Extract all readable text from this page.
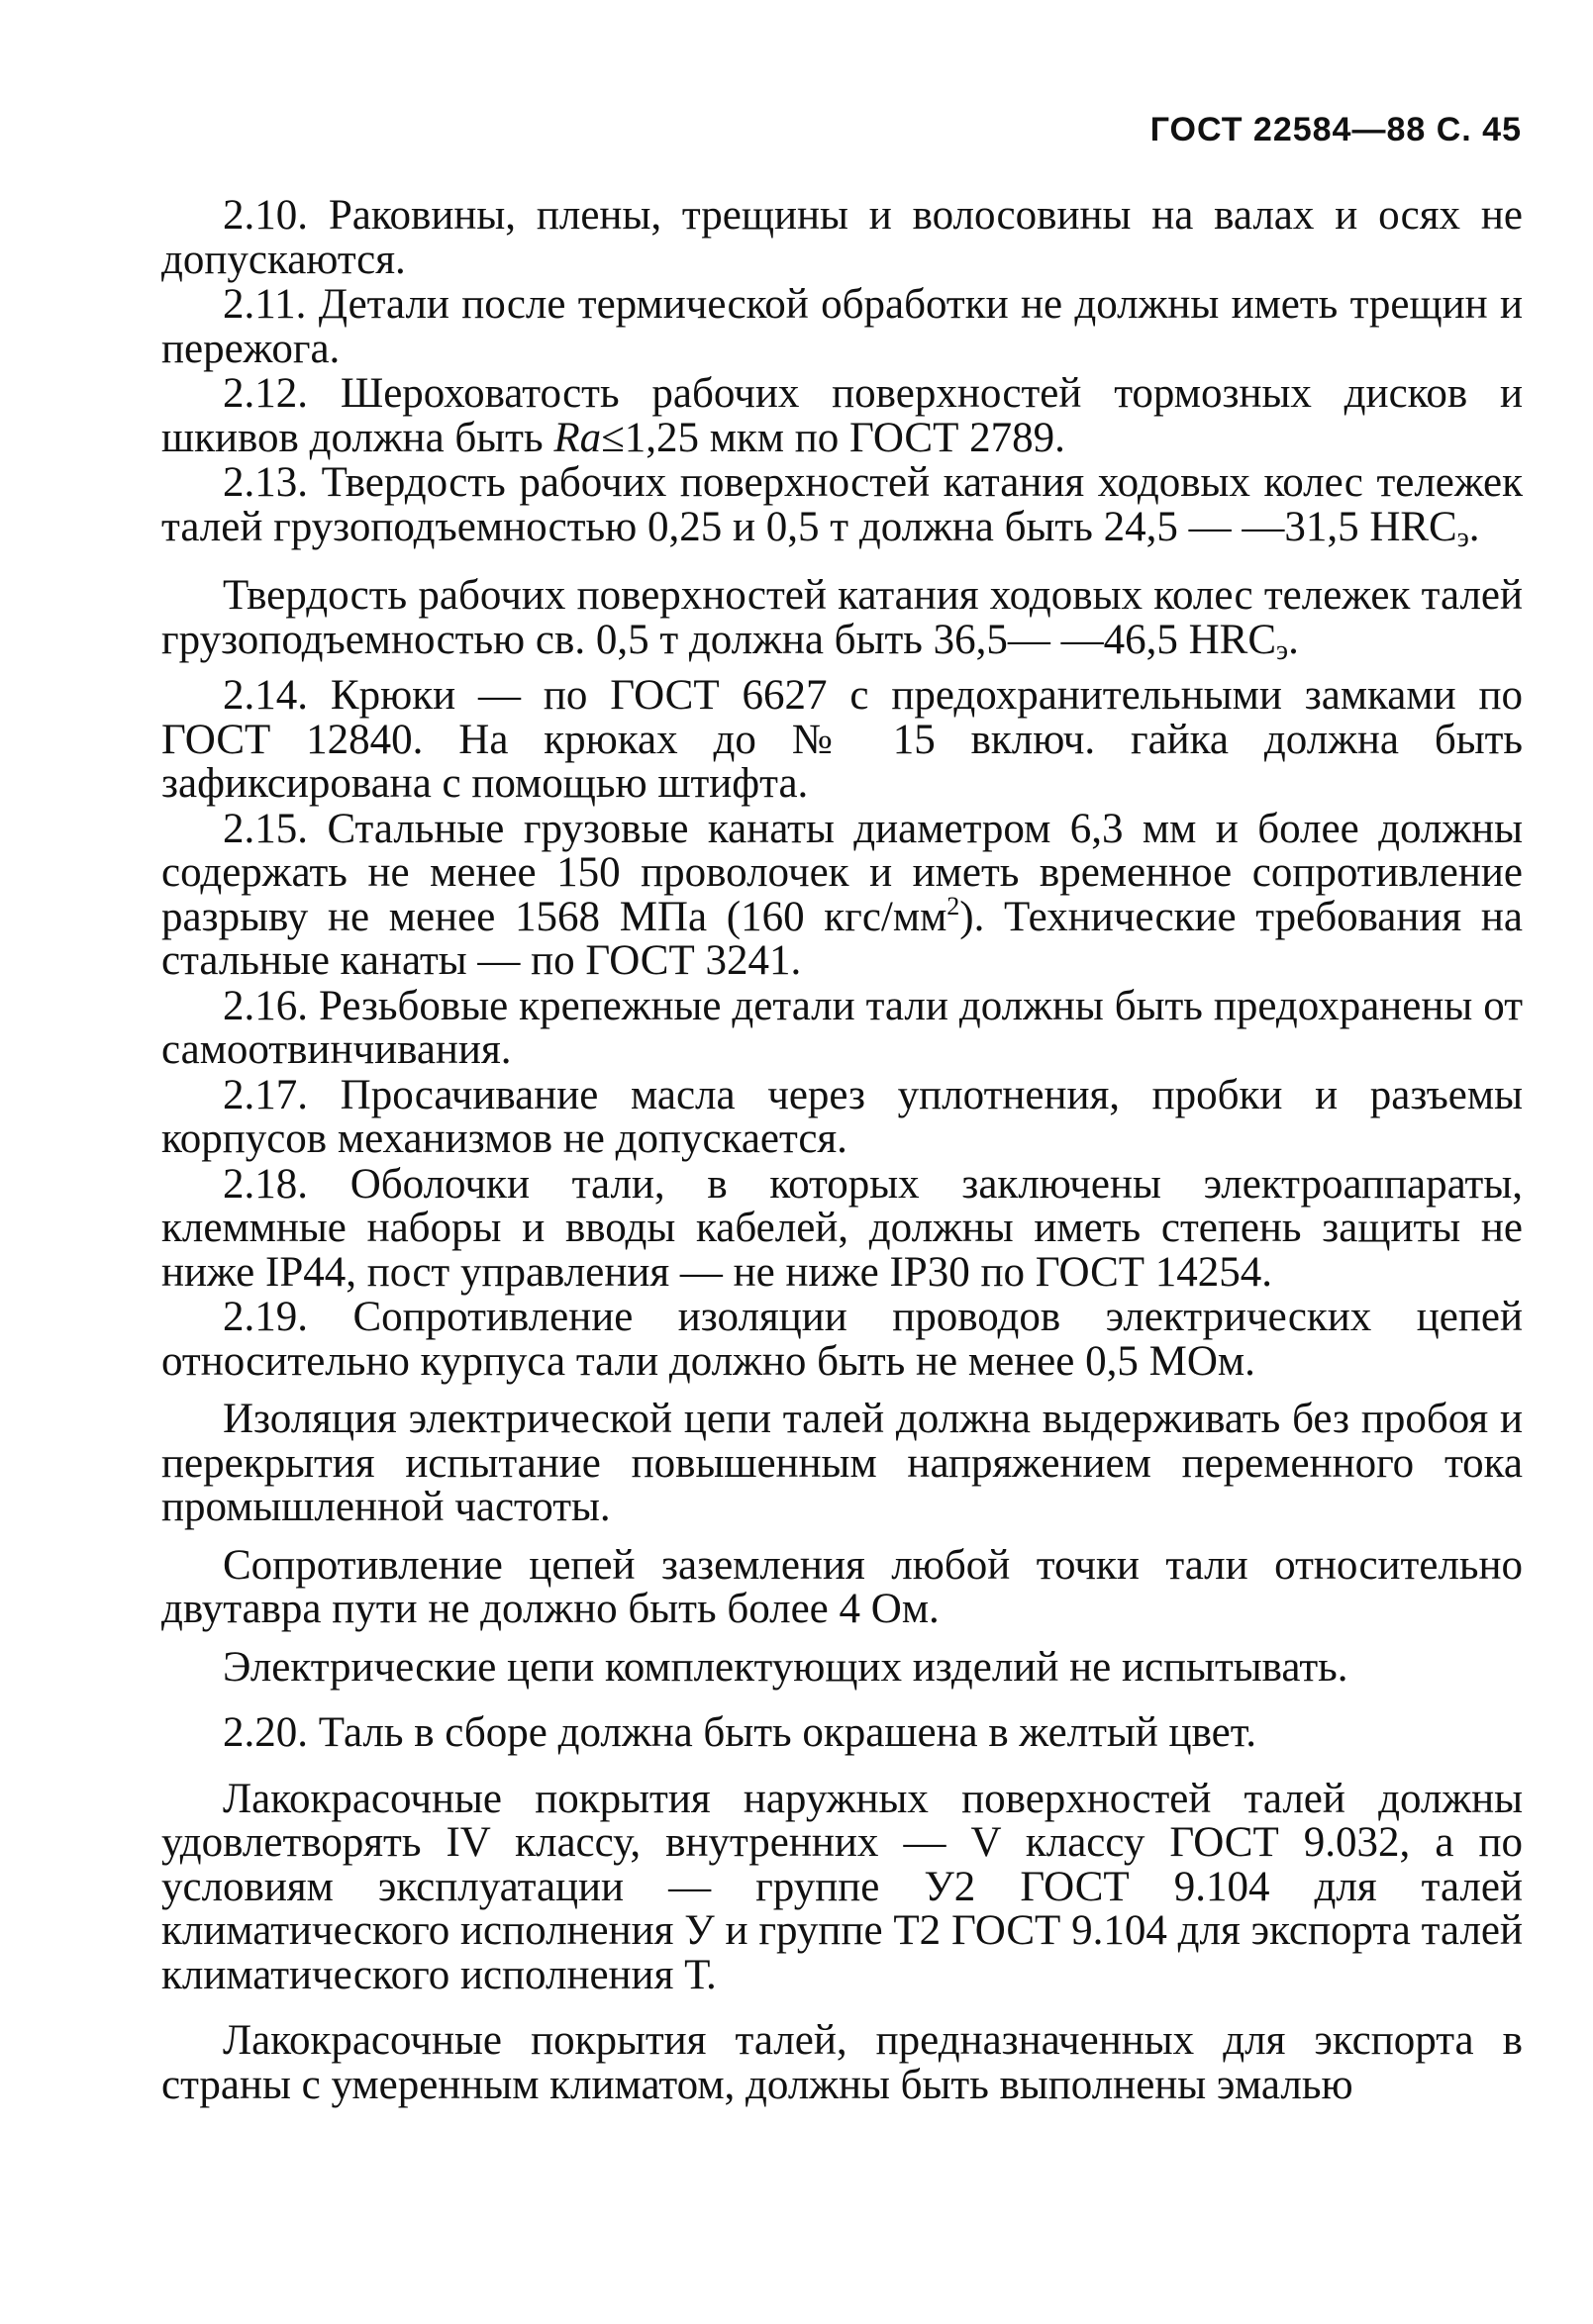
ГОСТ 22584—88 С. 45

2.10. Раковины, плены, трещины и волосовины на валах и осях не допускаются.

2.11. Детали после термической обработки не должны иметь трещин и пережога.

2.12. Шероховатость рабочих поверхностей тормозных дисков и шкивов должна быть Ra≤1,25 мкм по ГОСТ 2789.

2.13. Твердость рабочих поверхностей катания ходовых колес тележек талей грузоподъемностью 0,25 и 0,5 т должна быть 24,5 — —31,5 $HRC_э$.

Твердость рабочих поверхностей катания ходовых колес тележек талей грузоподъемностью св. 0,5 т должна быть 36,5— —46,5 $HRC_э$.

2.14. Крюки — по ГОСТ 6627 с предохранительными замками по ГОСТ 12840. На крюках до № 15 включ. гайка должна быть зафиксирована с помощью штифта.

2.15. Стальные грузовые канаты диаметром 6,3 мм и более должны содержать не менее 150 проволочек и иметь временное сопротивление разрыву не менее 1568 МПа (160 кгс/$мм^2$). Технические требования на стальные канаты — по ГОСТ 3241.

2.16. Резьбовые крепежные детали тали должны быть предохранены от самоотвинчивания.

2.17. Просачивание масла через уплотнения, пробки и разъемы корпусов механизмов не допускается.

2.18. Оболочки тали, в которых заключены электроаппараты, клеммные наборы и вводы кабелей, должны иметь степень защиты не ниже IP44, пост управления — не ниже IP30 по ГОСТ 14254.

2.19. Сопротивление изоляции проводов электрических цепей относительно курпуса тали должно быть не менее 0,5 МОм.

Изоляция электрической цепи талей должна выдерживать без пробоя и перекрытия испытание повышенным напряжением переменного тока промышленной частоты.

Сопротивление цепей заземления любой точки тали относительно двутавра пути не должно быть более 4 Ом.

Электрические цепи комплектующих изделий не испытывать.

2.20. Таль в сборе должна быть окрашена в желтый цвет.

Лакокрасочные покрытия наружных поверхностей талей должны удовлетворять IV классу, внутренних — V классу ГОСТ 9.032, а по условиям эксплуатации — группе У2 ГОСТ 9.104 для талей климатического исполнения У и группе Т2 ГОСТ 9.104 для экспорта талей климатического исполнения Т.

Лакокрасочные покрытия талей, предназначенных для экспорта в страны с умеренным климатом, должны быть выполнены эмалью
